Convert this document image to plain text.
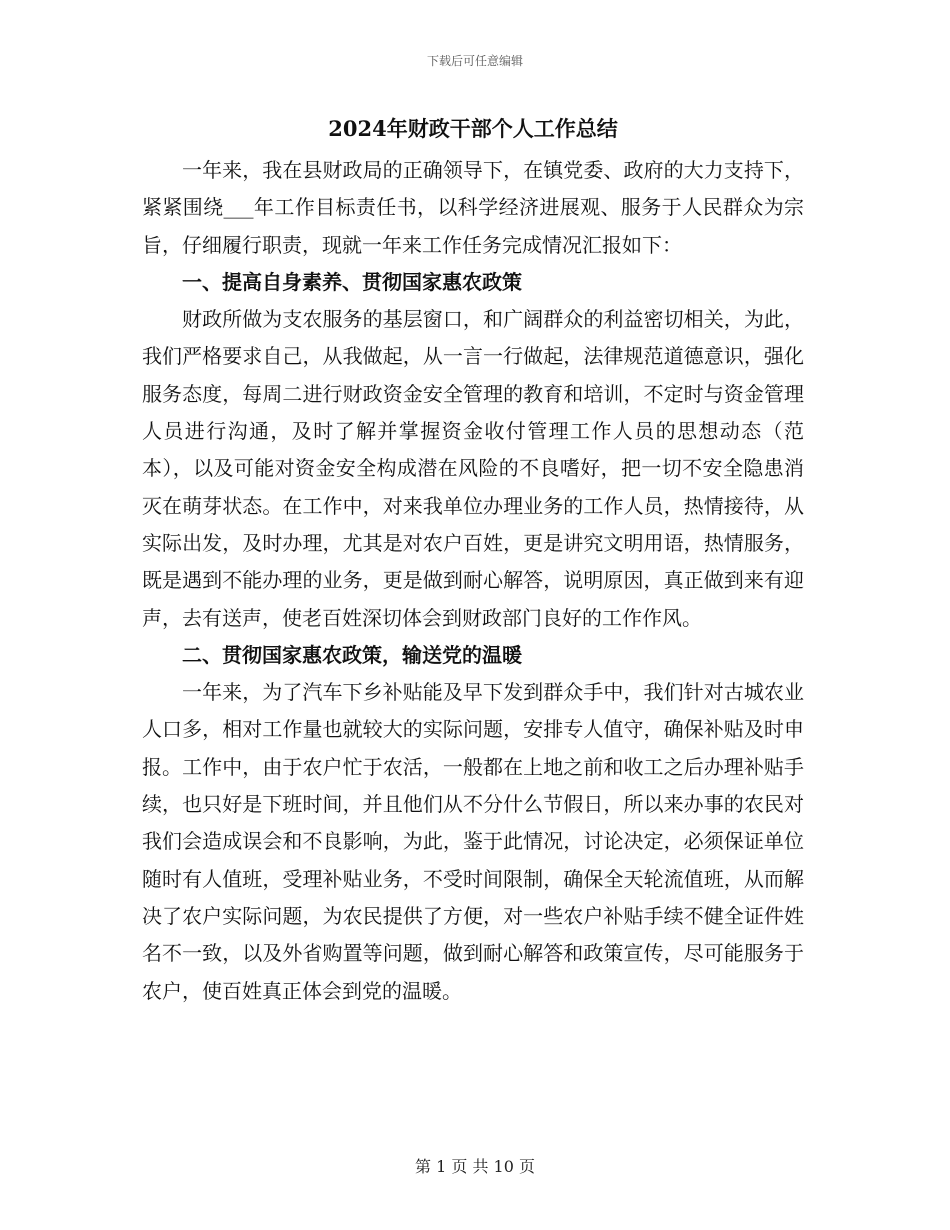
下载后可任意编辑
2024年财政干部个人工作总结

一年来，我在县财政局的正确领导下，在镇党委、政府的大力支持下，紧紧围绕___年工作目标责任书，以科学经济进展观、服务于人民群众为宗旨，仔细履行职责，现就一年来工作任务完成情况汇报如下：

一、提高自身素养、贯彻国家惠农政策

财政所做为支农服务的基层窗口，和广阔群众的利益密切相关，为此，我们严格要求自己，从我做起，从一言一行做起，法律规范道德意识，强化服务态度，每周二进行财政资金安全管理的教育和培训，不定时与资金管理人员进行沟通，及时了解并掌握资金收付管理工作人员的思想动态（范本），以及可能对资金安全构成潜在风险的不良嗜好，把一切不安全隐患消灭在萌芽状态。在工作中，对来我单位办理业务的工作人员，热情接待，从实际出发，及时办理，尤其是对农户百姓，更是讲究文明用语，热情服务，既是遇到不能办理的业务，更是做到耐心解答，说明原因，真正做到来有迎声，去有送声，使老百姓深切体会到财政部门良好的工作作风。

二、贯彻国家惠农政策，输送党的温暖

一年来，为了汽车下乡补贴能及早下发到群众手中，我们针对古城农业人口多，相对工作量也就较大的实际问题，安排专人值守，确保补贴及时申报。工作中，由于农户忙于农活，一般都在上地之前和收工之后办理补贴手续，也只好是下班时间，并且他们从不分什么节假日，所以来办事的农民对我们会造成误会和不良影响，为此，鉴于此情况，讨论决定，必须保证单位随时有人值班，受理补贴业务，不受时间限制，确保全天轮流值班，从而解决了农户实际问题，为农民提供了方便，对一些农户补贴手续不健全证件姓名不一致，以及外省购置等问题，做到耐心解答和政策宣传，尽可能服务于农户，使百姓真正体会到党的温暖。

第 1 页 共 10 页
